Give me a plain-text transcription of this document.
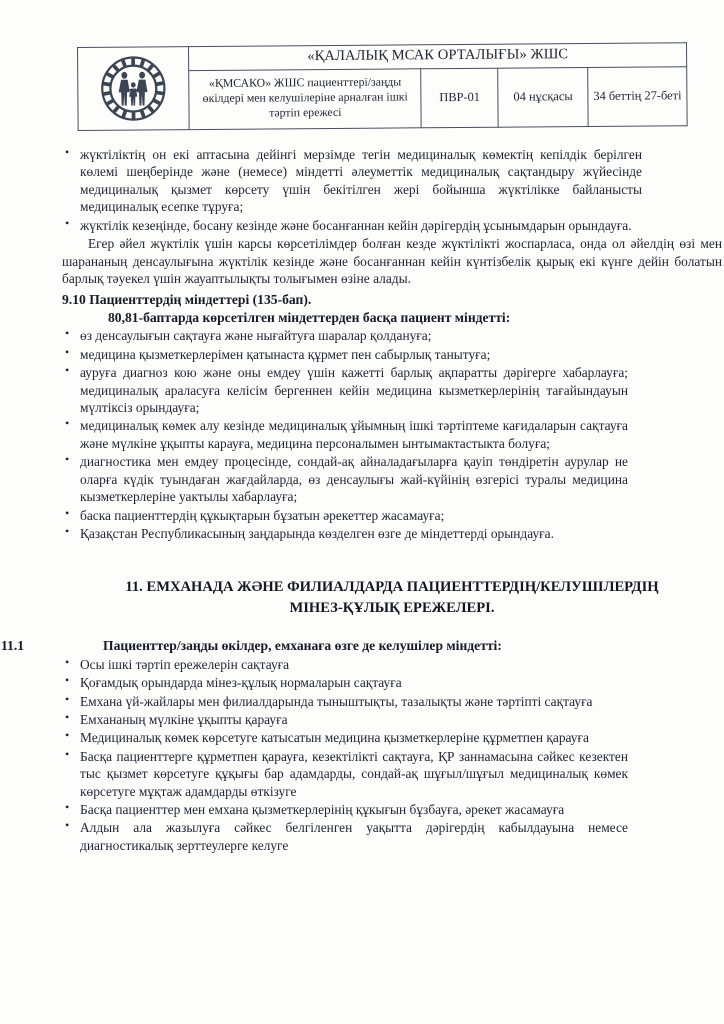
	«ҚАЛАЛЫҚ МСАК ОРТАЛЫҒЫ» ЖШС			
	«ҚМСАКО» ЖШС пациенттері/заңды өкілдері мен келушілеріне арналған ішкі тәртіп ережесі	ПВР-01	04 нұсқасы	34 беттің 27-беті
• жүктіліктің он екі аптасына дейінгі мерзімде тегін медициналық көмектің кепілдік берілген көлемі шеңберінде және (немесе) міндетті әлеуметтік медициналық сақтандыру жүйесінде медициналық қызмет көрсету үшін бекітілген жері бойынша жүктілікке байланысты медициналық есепке тұруға;
• жүктілік кезеңінде, босану кезінде және босанғаннан кейін дәрігердің ұсынымдарын орындауға.

Егер әйел жүктілік үшін карсы көрсетілімдер болған кезде жүктілікті жоспарласа, онда ол әйелдің өзі мен шарананың денсаулығына жүктілік кезінде және босанғаннан кейін күнтізбелік қырық екі күнге дейін болатын барлық тәуекел үшін жауаптылықты толығымен өзіне алады.

9.10 Пациенттердің міндеттері (135-бап).

80,81-баптарда көрсетілген міндеттерден басқа пациент міндетті:

• өз денсаулығын сақтауға және нығайтуға шаралар қолдануға;
• медицина қызметкерлерімен қатынаста құрмет пен сабырлық танытуға;
• ауруға диагноз кою және оны емдеу үшін кажетті барлық ақпаратты дәрігерге хабарлауға; медициналық араласуға келісім бергеннен кейін медицина кызметкерлерінің тағайындауын мүлтіксіз орындауға;
• медициналық көмек алу кезінде медициналық ұйымның ішкі тәртіптеме кағидаларын сақтауға және мүлкіне ұқыпты карауға, медицина персоналымен ынтымактастыкта болуға;
• диагностика мен емдеу процесінде, сондай-ақ айналадағыларға қауіп төндіретін аурулар не оларға күдік туындаған жағдайларда, өз денсаулығы жай-күйінің өзгерісі туралы медицина кызметкерлеріне уактылы хабарлауға;
• баска пациенттердің құкықтарын бұзатын әрекеттер жасамауға;
• Қазақстан Республикасының заңдарында көзделген өзге де міндеттерді орындауға.

11. ЕМХАНАДА ЖӘНЕ ФИЛИАЛДАРДА ПАЦИЕНТТЕРДІҢ/КЕЛУШІЛЕРДІҢ
МІНЕЗ-ҚҰЛЫҚ ЕРЕЖЕЛЕРІ.

11.1	Пациенттер/заңды өкілдер, емханаға өзге де келушілер міндетті:

• Осы ішкі тәртіп ережелерін сақтауға
• Қоғамдық орындарда мінез-құлық нормаларын сақтауға
• Емхана үй-жайлары мен филиалдарында тыныштықты, тазалықты және тәртіпті сақтауға
• Емхананың мүлкіне ұқыпты қарауға
• Медициналық көмек көрсетуге катысатын медицина қызметкерлеріне құрметпен қарауға
• Басқа пациенттерге құрметпен қарауға, кезектілікті сақтауға, ҚР заннамасына сәйкес кезектен тыс қызмет көрсетуге құқығы бар адамдарды, сондай-ақ шұғыл/шұғыл медициналық көмек көрсетуге мұқтаж адамдарды өткізуге
• Басқа пациенттер мен емхана қызметкерлерінің құкығын бұзбауға, әрекет жасамауға
• Алдын ала жазылуға сәйкес белгіленген уақытта дәрігердің кабылдауына немесе диагностикалық зерттеулерге келуге
